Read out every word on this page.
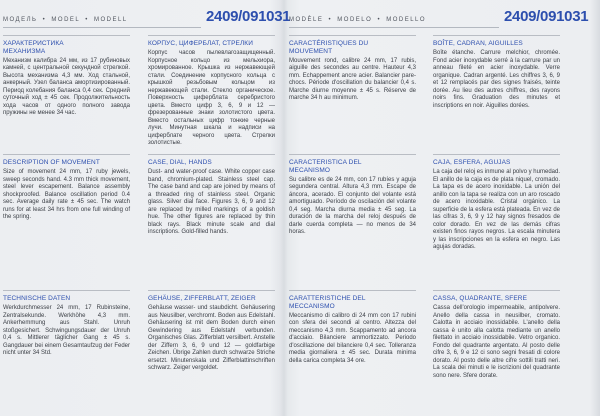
МОДЕЛЬ • MODEL • MODELL	2409/091031
MODÈLE • MODELO • MODELLO	2409/091031
ХАРАКТЕРИСТИКА
МЕХАНИЗМА

Механизм калибра 24 мм, из 17 рубиновых камней, с центральной секундной стрелкой. Высота механизма 4,3 мм. Ход стальной, анкерный. Узел баланса амортизированный. Период колебания баланса 0,4 сек. Средний суточный ход ± 45 сек. Продолжительность хода часов от одного полного завода пружины не менее 34 час.

КОРПУС, ЦИФЕРБЛАТ, СТРЕЛКИ

Корпус часов пылевлагозащищенный. Корпусное кольцо из мельхиора, хромированное. Крышка из нержавеющей стали. Соединение корпусного кольца с крышкой резьбовым кольцом из нержавеющей стали. Стекло органическое. Поверхность циферблата серебристого цвета. Вместо цифр 3, 6, 9 и 12 — фрезерованные знаки золотистого цвета. Вместо остальных цифр тонкие черные лучи. Минутная шкала и надписи на циферблате черного цвета. Стрелки золотистые.

CARACTÉRISTIQUES DU
MOUVEMENT

Mouvement rond, calibre 24 mm, 17 rubis, aiguille des secondes au centre. Hauteur 4,3 mm. Echappement ancre acier. Balancier pare-chocs. Période d'oscillation du balancier 0,4 s. Marche diurne moyenne ± 45 s. Réserve de marche 34 h au minimum.

BOÎTE, CADRAN, AIGUILLES

Boîte étanche. Carrure melchior, chromée. Fond acier inoxydable serré à la carrure par un anneau fileté en acier inoxydable. Verre organique. Cadran argenté. Les chiffres 3, 6, 9 et 12 remplacés par des signes fraisés, teinte dorée. Au lieu des autres chiffres, des rayons noirs fins. Graduation des minutes et inscriptions en noir. Aiguilles dorées.

DESCRIPTION OF MOVEMENT

Size of movement 24 mm, 17 ruby jewels, sweep seconds hand. 4.3 mm thick movement, steel lever escapement. Balance assembly shockproofed. Balance oscillation period 0.4 sec. Average daily rate ± 45 sec. The watch runs for at least 34 hrs from one full winding of the spring.

CASE, DIAL, HANDS

Dust- and water-proof case. White copper case band, chromium-plated. Stainless steel cap. The case band and cap are joined by means of a threaded ring of stainless steel. Organic glass. Silver dial face. Figures 3, 6, 9 and 12 are replaced by milled markings of a goldish hue. The other figures are replaced by thin black rays. Black minute scale and dial inscriptions. Gold-filled hands.

CARACTERISTICA DEL
MECANISMO

Su calibre es de 24 mm, con 17 rubíes y aguja segundera central. Altura 4,3 mm. Escape de áncora, acerado. El conjunto del volante está amortiguado. Período de oscilación del volante 0,4 seg. Marcha diurna media ± 45 seg. La duración de la marcha del reloj después de darle cuerda completa — no menos de 34 horas.

CAJA, ESFERA, AGUJAS

La caja del reloj es inmune al polvo y humedad. El anillo de la caja es de plata niquel, cromado. La tapa es de acero inoxidable. La unión del anillo con la tapa se realiza con un aro roscado de acero inoxidable. Cristal orgánico. La superficie de la esfera está plateada. En vez de las cifras 3, 6, 9 y 12 hay signos fresados de color dorado. En vez de las demás cifras existen finos rayos negros. La escala minutera y las inscripciones en la esfera en negro. Las agujas doradas.

TECHNISCHE DATEN

Werkdurchmesser 24 mm, 17 Rubinsteine, Zentralsekunde. Werkhöhe 4,3 mm. Ankerhemmung aus Stahl. Unruh stoßgesichert. Schwingungsdauer der Unruh 0,4 s. Mittlerer täglicher Gang ± 45 s. Gangdauer bei einem Gesamtaufzug der Feder nicht unter 34 Std.

GEHÄUSE, ZIFFERBLATT, ZEIGER

Gehäuse wasser- und staubdicht. Gehäusering aus Neusilber, verchromt. Boden aus Edelstahl. Gehäusering ist mit dem Boden durch einen Gewindering aus Edelstahl verbunden. Organisches Glas. Zifferblatt versilbert. Anstelle der Ziffern 3, 6, 9 und 12 — goldfarbige Zeichen. Übrige Zahlen durch schwarze Striche ersetzt. Minutenskala und Zifferblattinschriften schwarz. Zeiger vergoldet.

CARATTERISTICHE DEL
MECCANISMO

Meccanismo di calibro di 24 mm con 17 rubini con sfera dei secondi al centro. Altezza del meccanismo 4,3 mm. Scappamento ad ancora d'acciaio. Bilanciere ammortizzato. Periodo d'oscillazione del bilanciere 0,4 sec. Tolleranza media giornaliera ± 45 sec. Durata minima della carica completa 34 ore.

CASSA, QUADRANTE, SFERE

Cassa dell'orologio impermeabile, antipolvere. Anello della cassa in neusilber, cromato. Calotta in acciaio inossidabile. L'anello della cassa è unito alla calotta mediante un anello filettato in acciaio inossidabile. Vetro organico. Fondo del quadrante argentato. Al posto delle cifre 3, 6, 9 e 12 ci sono segni fresati di colore dorato. Al posto delle altre cifre sottili tratti neri. La scala dei minuti e le iscrizioni del quadrante sono nere. Sfere dorate.
